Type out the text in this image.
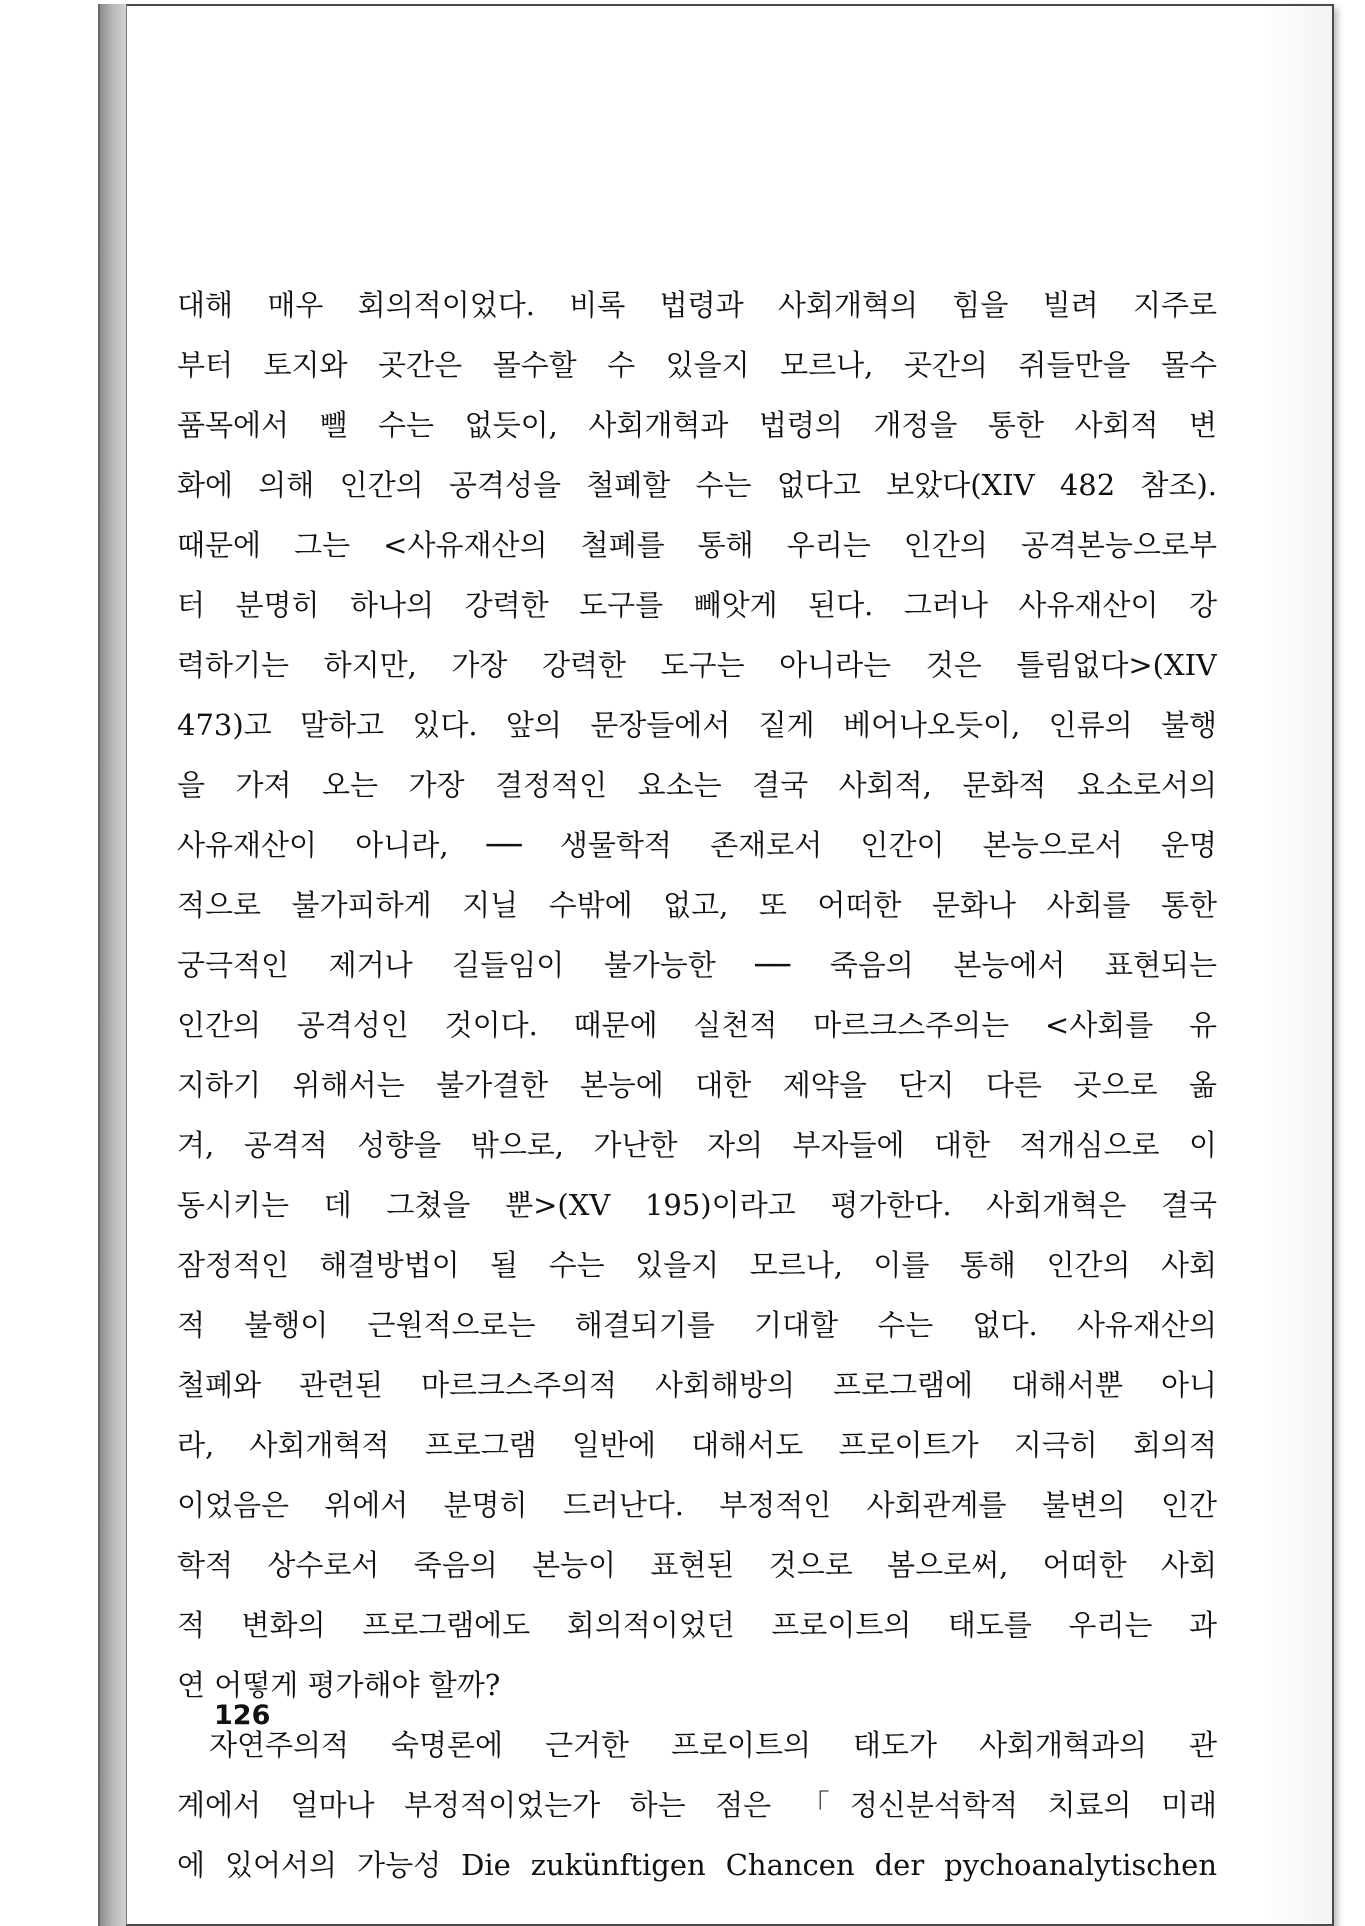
대해 매우 회의적이었다. 비록 법령과 사회개혁의 힘을 빌려 지주로
부터 토지와 곳간은 몰수할 수 있을지 모르나, 곳간의 쥐들만을 몰수
품목에서 뺄 수는 없듯이, 사회개혁과 법령의 개정을 통한 사회적 변
화에 의해 인간의 공격성을 철폐할 수는 없다고 보았다(XIV 482 참조).
때문에 그는 <사유재산의 철폐를 통해 우리는 인간의 공격본능으로부
터 분명히 하나의 강력한 도구를 빼앗게 된다. 그러나 사유재산이 강
력하기는 하지만, 가장 강력한 도구는 아니라는 것은 틀림없다>(XIV
473)고 말하고 있다. 앞의 문장들에서 짙게 베어나오듯이, 인류의 불행
을 가져 오는 가장 결정적인 요소는 결국 사회적, 문화적 요소로서의
사유재산이 아니라, ── 생물학적 존재로서 인간이 본능으로서 운명
적으로 불가피하게 지닐 수밖에 없고, 또 어떠한 문화나 사회를 통한
궁극적인 제거나 길들임이 불가능한 ── 죽음의 본능에서 표현되는
인간의 공격성인 것이다. 때문에 실천적 마르크스주의는 <사회를 유
지하기 위해서는 불가결한 본능에 대한 제약을 단지 다른 곳으로 옮
겨, 공격적 성향을 밖으로, 가난한 자의 부자들에 대한 적개심으로 이
동시키는 데 그쳤을 뿐>(XV 195)이라고 평가한다. 사회개혁은 결국
잠정적인 해결방법이 될 수는 있을지 모르나, 이를 통해 인간의 사회
적 불행이 근원적으로는 해결되기를 기대할 수는 없다. 사유재산의
철폐와 관련된 마르크스주의적 사회해방의 프로그램에 대해서뿐 아니
라, 사회개혁적 프로그램 일반에 대해서도 프로이트가 지극히 회의적
이었음은 위에서 분명히 드러난다. 부정적인 사회관계를 불변의 인간
학적 상수로서 죽음의 본능이 표현된 것으로 봄으로써, 어떠한 사회
적 변화의 프로그램에도 회의적이었던 프로이트의 태도를 우리는 과
연 어떻게 평가해야 할까?
자연주의적 숙명론에 근거한 프로이트의 태도가 사회개혁과의 관
계에서 얼마나 부정적이었는가 하는 점은 「정신분석학적 치료의 미래
에 있어서의 가능성 Die zukünftigen Chancen der pychoanalytischen
126
